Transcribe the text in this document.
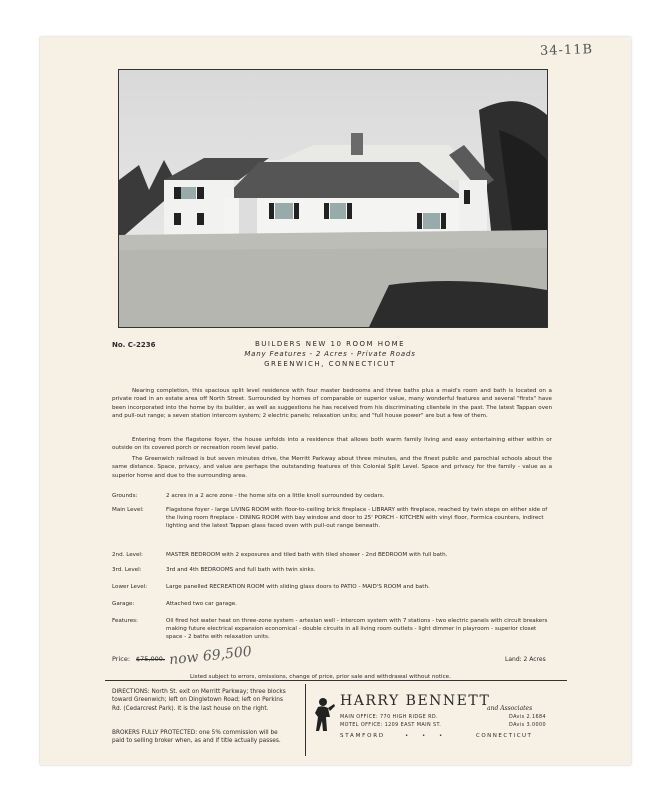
34-11B
No. C-2236	BUILDERS NEW 10 ROOM HOME
Many Features - 2 Acres - Private Roads
GREENWICH, CONNECTICUT
Nearing completion, this spacious split level residence with four master bedrooms and three baths plus a maid's room and bath is located on a private road in an estate area off North Street. Surrounded by homes of comparable or superior value, many wonderful features and several "firsts" have been incorporated into the home by its builder, as well as suggestions he has received from his discriminating clientele in the past. The latest Tappan oven and pull-out range; a seven station intercom system; 2 electric panels; relaxation units; and "full house power" are but a few of them.
Entering from the flagstone foyer, the house unfolds into a residence that allows both warm family living and easy entertaining either within or outside on its covered porch or recreation room level patio.
The Greenwich railroad is but seven minutes drive, the Merritt Parkway about three minutes, and the finest public and parochial schools about the same distance. Space, privacy, and value are perhaps the outstanding features of this Colonial Split Level. Space and privacy for the family - value as a superior home and due to the surrounding area.
Grounds:	2 acres in a 2 acre zone - the home sits on a little knoll surrounded by cedars.
Main Level:	Flagstone foyer - large LIVING ROOM with floor-to-ceiling brick fireplace - LIBRARY with fireplace, reached by twin steps on either side of the living room fireplace - DINING ROOM with bay window and door to 25' PORCH - KITCHEN with vinyl floor, Formica counters, indirect lighting and the latest Tappan glass faced oven with pull-out range beneath.
2nd. Level:	MASTER BEDROOM with 2 exposures and tiled bath with tiled shower - 2nd BEDROOM with full bath.
3rd. Level:	3rd and 4th BEDROOMS and full bath with twin sinks.
Lower Level:	Large panelled RECREATION ROOM with sliding glass doors to PATIO - MAID'S ROOM and bath.
Garage:	Attached two car garage.
Features:	Oil fired hot water heat on three-zone system - artesian well - intercom system with 7 stations - two electric panels with circuit breakers making future electrical expansion economical - double circuits in all living room outlets - light dimmer in playroom - superior closet space - 2 baths with relaxation units.
Price: $75,000. now 69,500	Land: 2 Acres
Listed subject to errors, omissions, change of price, prior sale and withdrawal without notice.
DIRECTIONS: North St. exit on Merritt Parkway; three blocks toward Greenwich; left on Dingletown Road; left on Perkins Rd. (Cedarcrest Park). It is the last house on the right.
BROKERS FULLY PROTECTED: one 5% commission will be paid to selling broker when, as and if title actually passes.
HARRY BENNETT
and Associates
MAIN OFFICE: 770 HIGH RIDGE RD.
MOTEL OFFICE: 1209 EAST MAIN ST.
DAvis 2.1684
DAvis 3.0000
STAMFORD	• • •	CONNECTICUT
